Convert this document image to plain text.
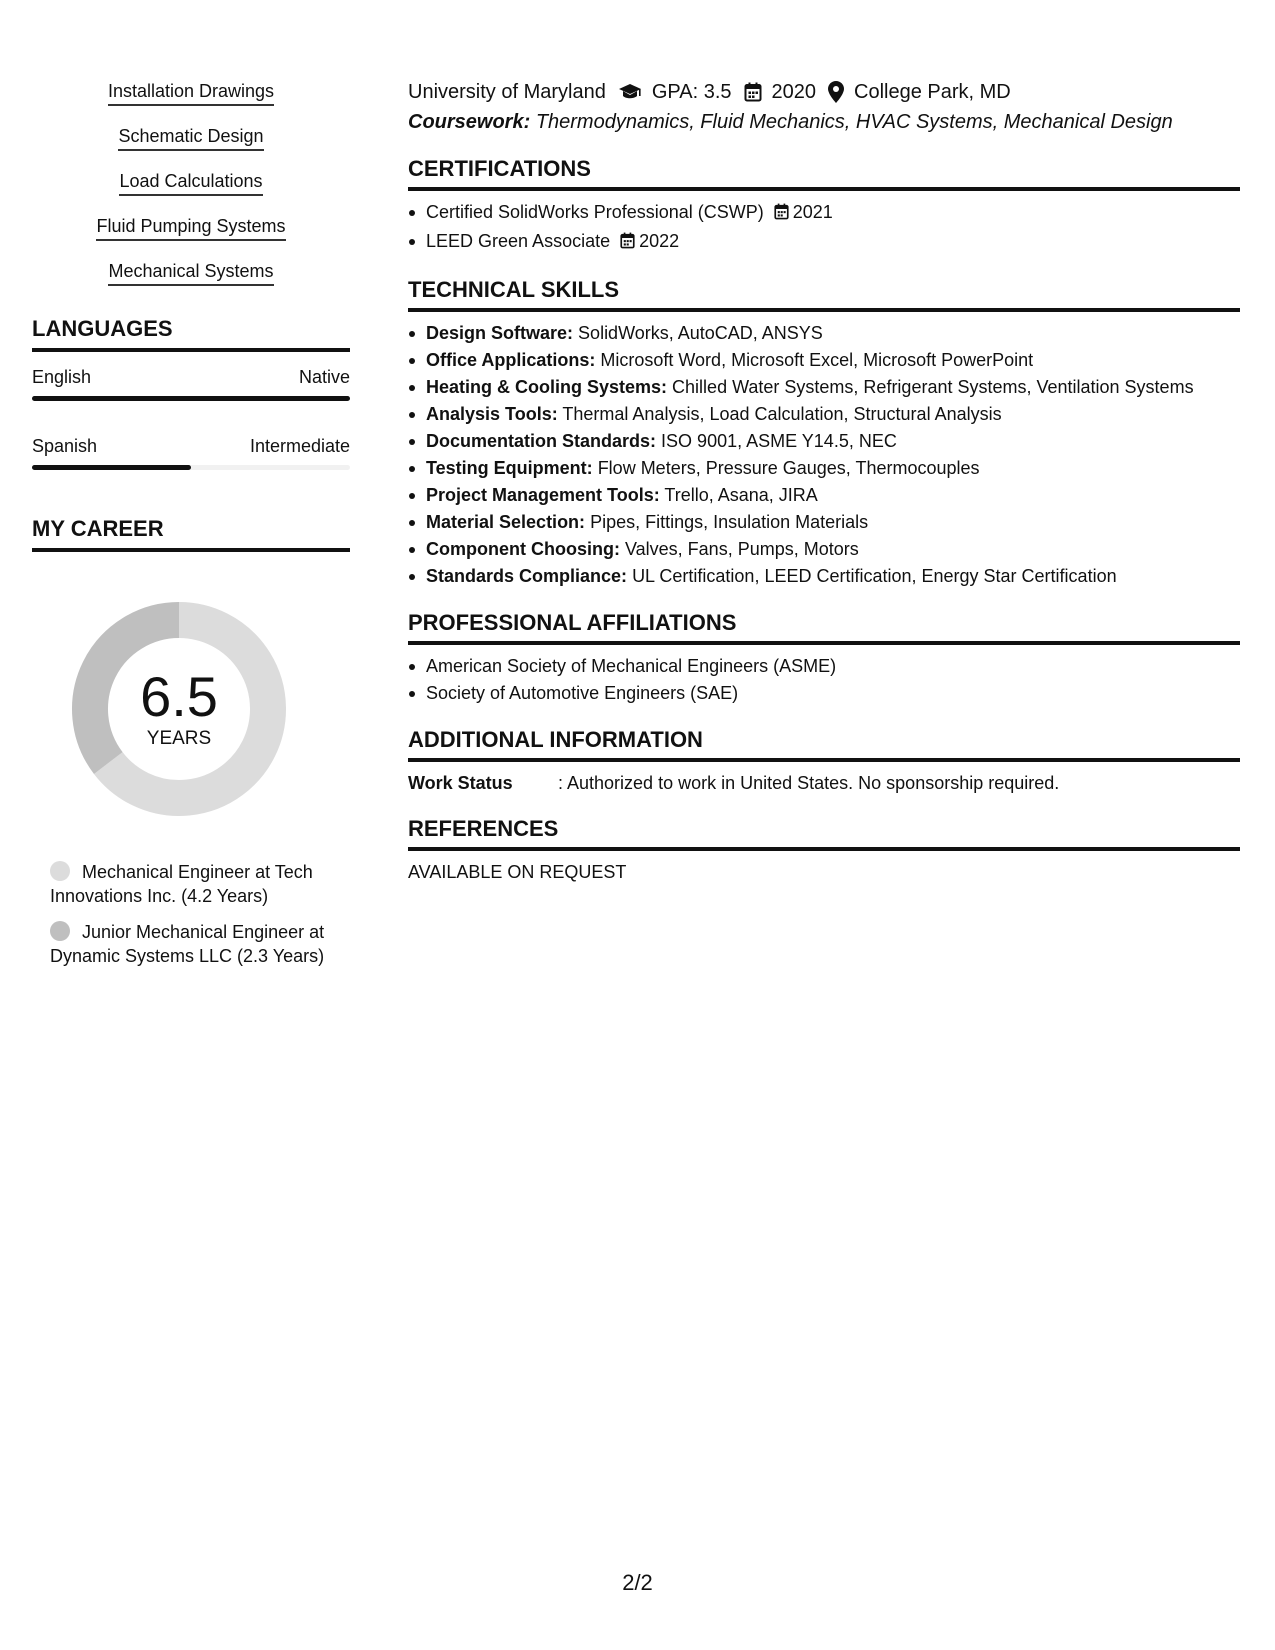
Installation Drawings
Schematic Design
Load Calculations
Fluid Pumping Systems
Mechanical Systems
LANGUAGES
English	Native
Spanish	Intermediate
MY CAREER
6.5
YEARS
Mechanical Engineer at Tech Innovations Inc. (4.2 Years)
Junior Mechanical Engineer at Dynamic Systems LLC (2.3 Years)
University of Maryland GPA: 3.5 2020 College Park, MD
Coursework: Thermodynamics, Fluid Mechanics, HVAC Systems, Mechanical Design
CERTIFICATIONS
Certified SolidWorks Professional (CSWP) 2021
LEED Green Associate 2022
TECHNICAL SKILLS
Design Software: SolidWorks, AutoCAD, ANSYS
Office Applications: Microsoft Word, Microsoft Excel, Microsoft PowerPoint
Heating & Cooling Systems: Chilled Water Systems, Refrigerant Systems, Ventilation Systems
Analysis Tools: Thermal Analysis, Load Calculation, Structural Analysis
Documentation Standards: ISO 9001, ASME Y14.5, NEC
Testing Equipment: Flow Meters, Pressure Gauges, Thermocouples
Project Management Tools: Trello, Asana, JIRA
Material Selection: Pipes, Fittings, Insulation Materials
Component Choosing: Valves, Fans, Pumps, Motors
Standards Compliance: UL Certification, LEED Certification, Energy Star Certification
PROFESSIONAL AFFILIATIONS
American Society of Mechanical Engineers (ASME)
Society of Automotive Engineers (SAE)
ADDITIONAL INFORMATION
Work Status	: Authorized to work in United States. No sponsorship required.
REFERENCES
AVAILABLE ON REQUEST
2/2
